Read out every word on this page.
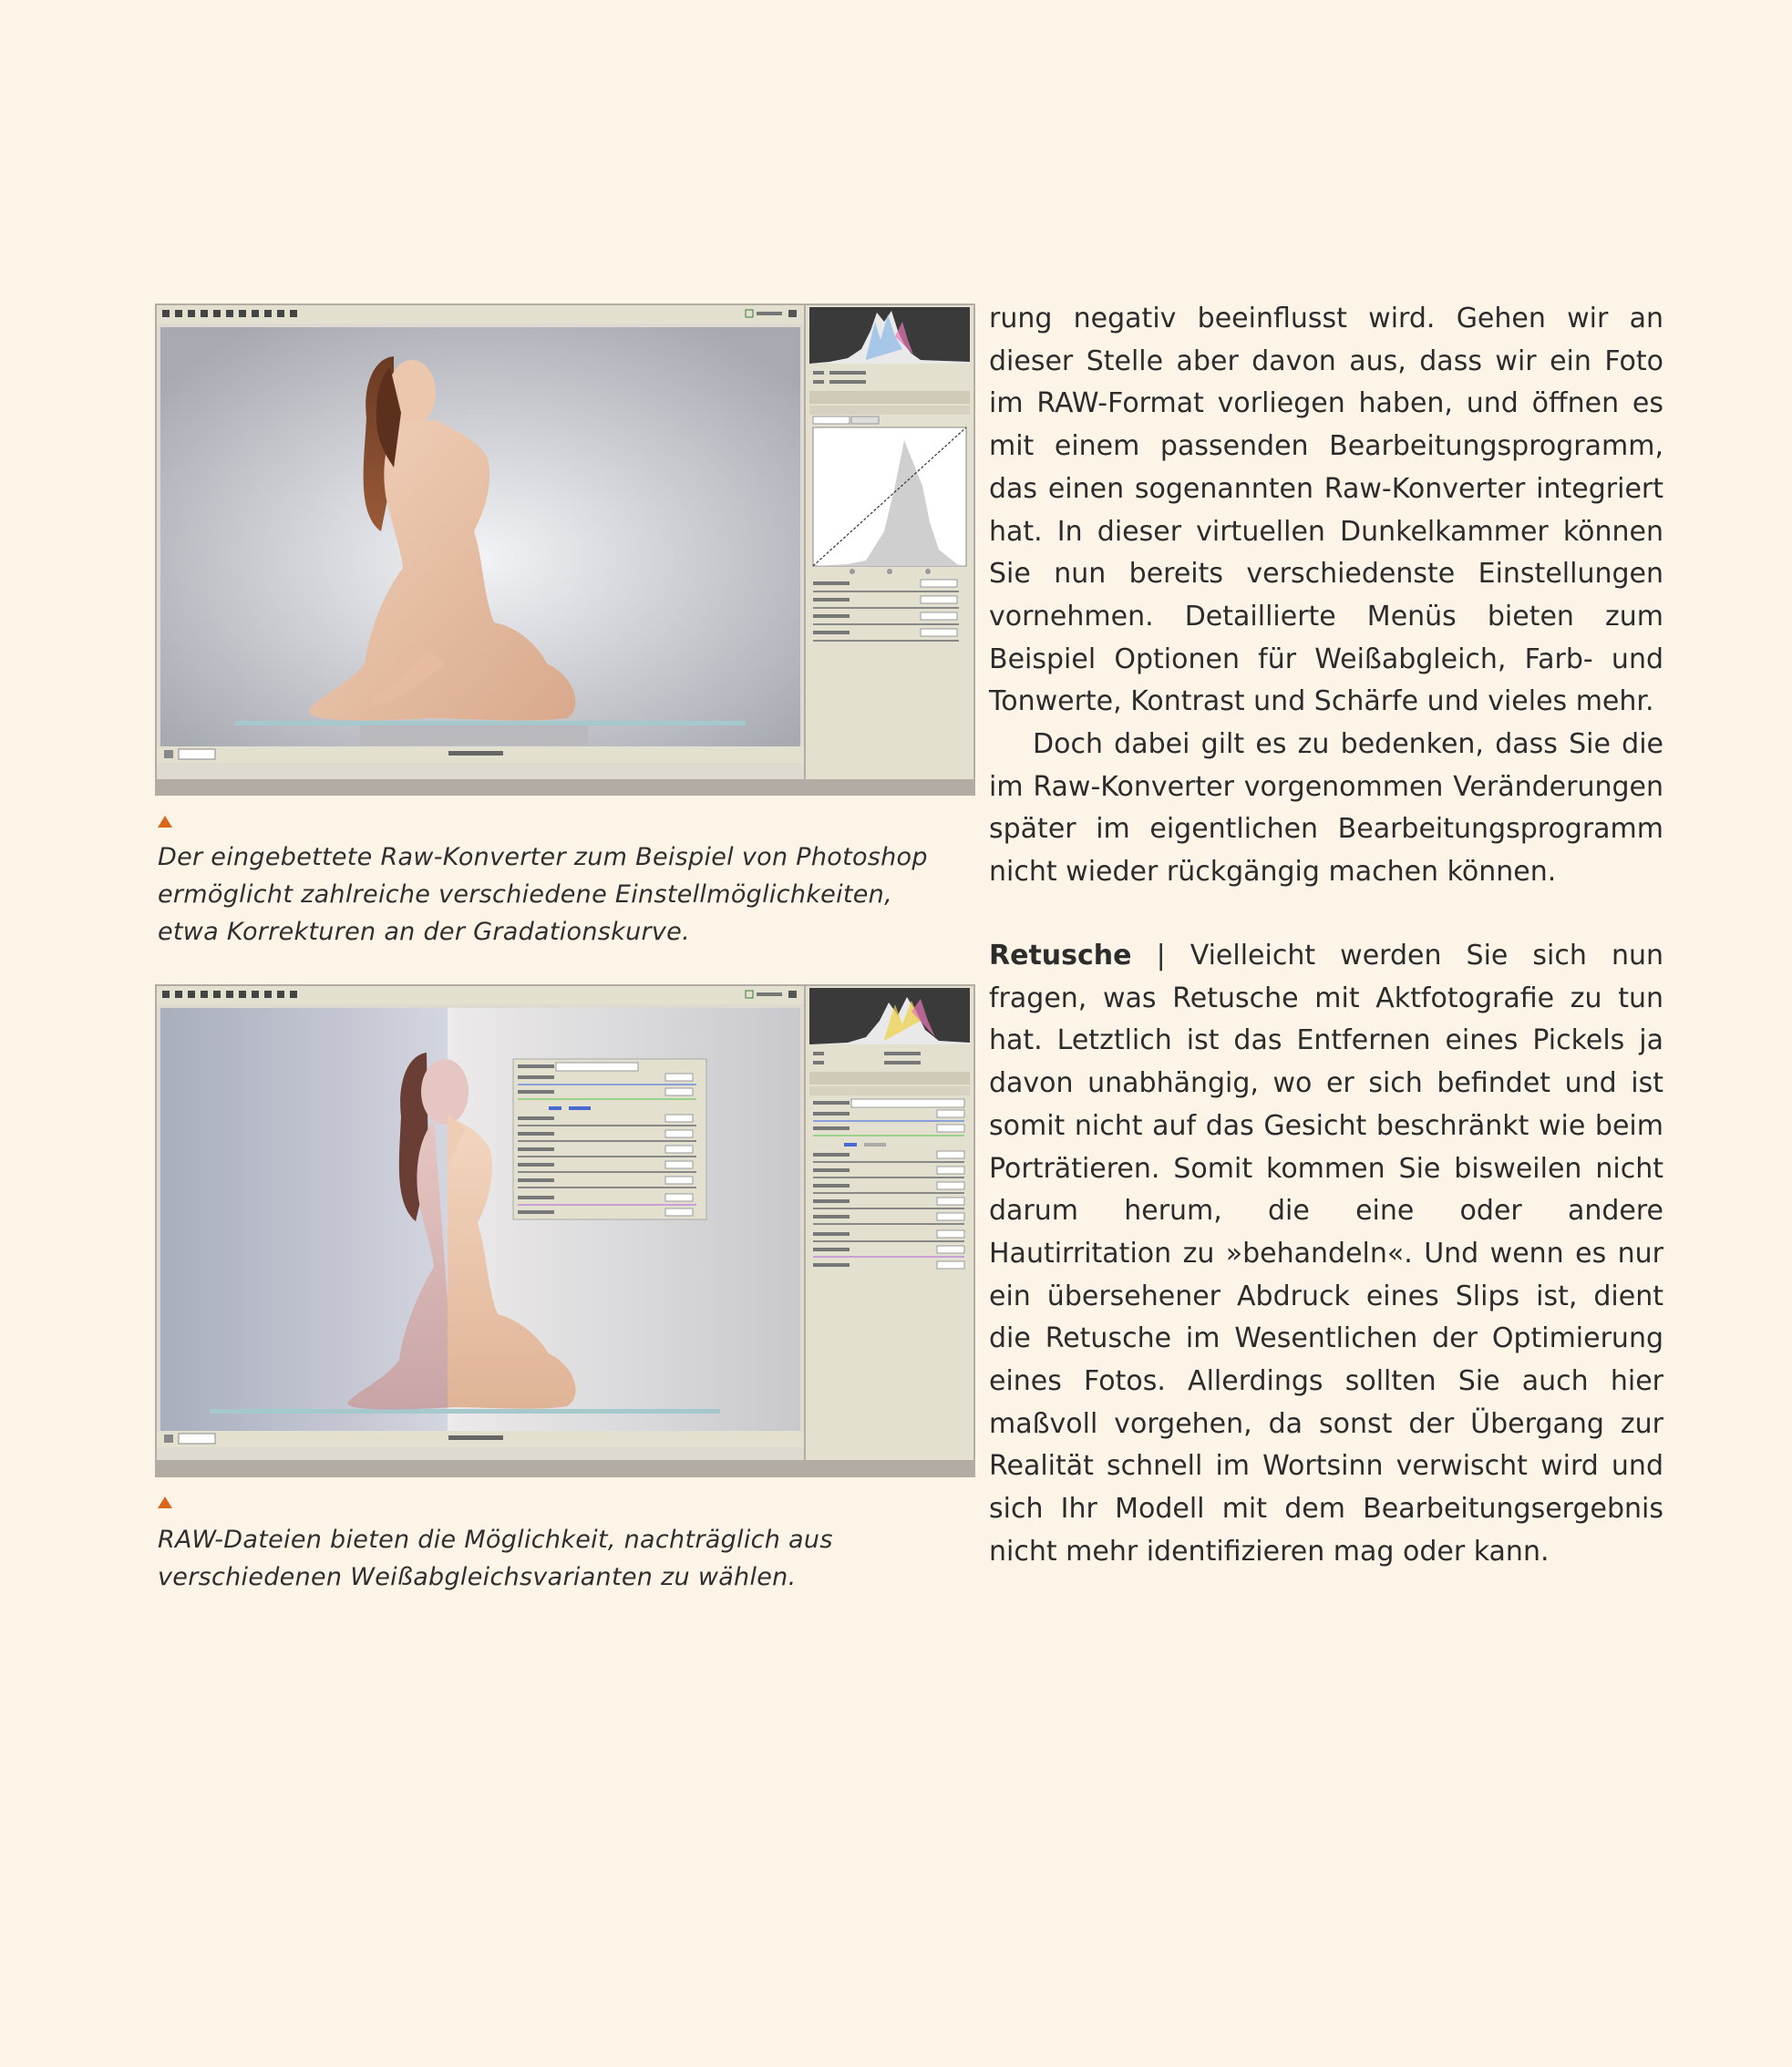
Der eingebettete Raw-Konverter zum Beispiel von Photoshop ermöglicht zahlreiche verschiedene Einstellmöglichkeiten, etwa Korrekturen an der Gradationskurve.

RAW-Dateien bieten die Möglichkeit, nachträglich aus verschiedenen Weißabgleichsvarianten zu wählen.

rung negativ beeinflusst wird. Gehen wir an dieser Stelle aber davon aus, dass wir ein Foto im RAW-Format vorliegen haben, und öffnen es mit einem passenden Bearbeitungsprogramm, das einen sogenannten Raw-Konverter integriert hat. In dieser virtuellen Dunkelkammer können Sie nun bereits verschiedenste Einstellungen vornehmen. Detaillierte Menüs bieten zum Beispiel Optionen für Weißabgleich, Farb- und Tonwerte, Kontrast und Schärfe und vieles mehr.

Doch dabei gilt es zu bedenken, dass Sie die im Raw-Konverter vorgenommen Veränderungen später im eigentlichen Bearbeitungsprogramm nicht wieder rückgängig machen können.

Retusche | Vielleicht werden Sie sich nun fragen, was Retusche mit Aktfotografie zu tun hat. Letztlich ist das Entfernen eines Pickels ja davon unabhängig, wo er sich befindet und ist somit nicht auf das Gesicht beschränkt wie beim Porträtieren. Somit kommen Sie bisweilen nicht darum herum, die eine oder andere Hautirritation zu »behandeln«. Und wenn es nur ein übersehener Abdruck eines Slips ist, dient die Retusche im Wesentlichen der Optimierung eines Fotos. Allerdings sollten Sie auch hier maßvoll vorgehen, da sonst der Übergang zur Realität schnell im Wortsinn verwischt wird und sich Ihr Modell mit dem Bearbeitungsergebnis nicht mehr identifizieren mag oder kann.
